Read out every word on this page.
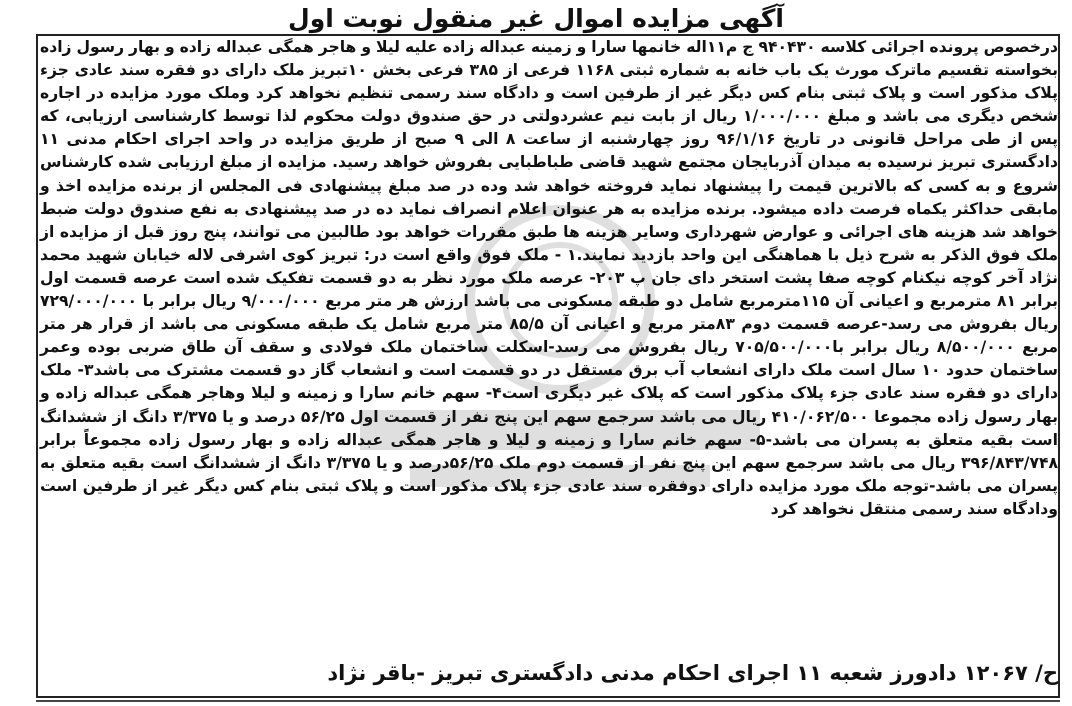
آگهی مزایده اموال غیر منقول نوبت اول
درخصوص پرونده اجرائی کلاسه ۹۴۰۴۳۰ ج م۱۱اله خانمها سارا و زمینه عبداله زاده علیه لیلا و هاجر همگی عبداله زاده و بهار رسول زاده بخواسته تقسیم ماترک مورث یک باب خانه به شماره ثبتی ۱۱۶۸ فرعی از ۳۸۵ فرعی بخش ۱۰تبریز ملک دارای دو فقره سند عادی جزء پلاک مذکور است و پلاک ثبتی بنام کس دیگر غیر از طرفین است و دادگاه سند رسمی تنظیم نخواهد کرد وملک مورد مزایده در اجاره شخص دیگری می باشد و مبلغ ۱/۰۰۰/۰۰۰ ریال از بابت نیم عشردولتی در حق صندوق دولت محکوم لذا توسط کارشناسی ارزیابی، که پس از طی مراحل قانونی در تاریخ ۹۶/۱/۱۶ روز چهارشنبه از ساعت ۸ الی ۹ صبح از طریق مزایده در واحد اجرای احکام مدنی ۱۱ دادگستری تبریز نرسیده به میدان آذربایجان مجتمع شهید قاضی طباطبایی بفروش خواهد رسید. مزایده از مبلغ ارزیابی شده کارشناس شروع و به کسی که بالاترین قیمت را پیشنهاد نماید فروخته خواهد شد وده در صد مبلغ پیشنهادی فی المجلس از برنده مزایده اخذ و مابقی حداکثر یکماه فرصت داده میشود. برنده مزایده به هر عنوان اعلام انصراف نماید ده در صد پیشنهادی به نفع صندوق دولت ضبط خواهد شد هزینه های اجرائی و عوارض شهرداری وسایر هزینه ها طبق مقررات خواهد بود طالبین می توانند، پنج روز قبل از مزایده از ملک فوق الذکر به شرح ذیل با هماهنگی این واحد بازدید نمایند.۱ - ملک فوق واقع است در: تبریز کوی اشرفی لاله خیابان شهید محمد نژاد آخر کوچه نیکنام کوچه صفا پشت استخر دای جان پ ۲۰۳- عرصه ملک مورد نظر به دو قسمت تفکیک شده است عرصه قسمت اول برابر ۸۱ مترمربع و اعیانی آن ۱۱۵مترمربع شامل دو طبقه مسکونی می باشد ارزش هر متر مربع ۹/۰۰۰/۰۰۰ ریال برابر با ۷۲۹/۰۰۰/۰۰۰ ریال بفروش می رسد-عرصه قسمت دوم ۸۳متر مربع و اعیانی آن ۸۵/۵ متر مربع شامل یک طبقه مسکونی می باشد از قرار هر متر مربع ۸/۵۰۰/۰۰۰ ریال برابر با۷۰۵/۵۰۰/۰۰۰ ریال بفروش می رسد-اسکلت ساختمان ملک فولادی و سقف آن طاق ضربی بوده وعمر ساختمان حدود ۱۰ سال است ملک دارای انشعاب آب برق مستقل در دو قسمت است و انشعاب گاز دو قسمت مشترک می باشد۳- ملک دارای دو فقره سند عادی جزء پلاک مذکور است که پلاک غیر دیگری است۴- سهم خانم سارا و زمینه و لیلا وهاجر همگی عبداله زاده و بهار رسول زاده مجموعا ۴۱۰/۰۶۲/۵۰۰ ریال می باشد سرجمع سهم این پنج نفر از قسمت اول ۵۶/۲۵ درصد و یا ۳/۳۷۵ دانگ از ششدانگ است بقیه متعلق به پسران می باشد-۵- سهم خانم سارا و زمینه و لیلا و هاجر همگی عبداله زاده و بهار رسول زاده مجموعاً برابر ۳۹۶/۸۴۳/۷۴۸ ریال می باشد سرجمع سهم این پنج نفر از قسمت دوم ملک ۵۶/۲۵درصد و یا ۳/۳۷۵ دانگ از ششدانگ است بقیه متعلق به پسران می باشد-توجه ملک مورد مزایده دارای دوفقره سند عادی جزء پلاک مذکور است و پلاک ثبتی بنام کس دیگر غیر از طرفین است ودادگاه سند رسمی منتقل نخواهد کرد
ح/ ۱۲۰۶۷ دادورز شعبه ۱۱ اجرای احکام مدنی دادگستری تبریز -باقر نژاد
